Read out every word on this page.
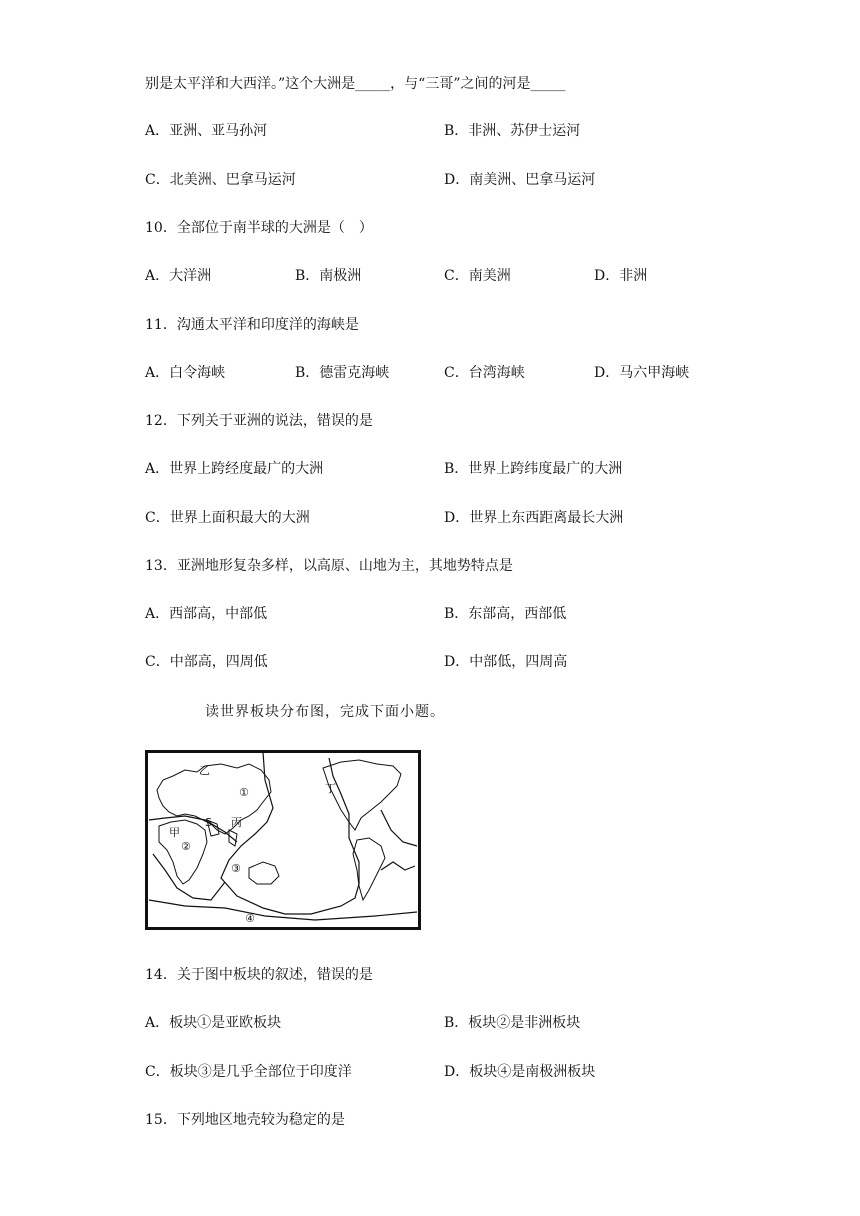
别是太平洋和大西洋。”这个大洲是_____，与“三哥”之间的河是_____
A．亚洲、亚马孙河	B．非洲、苏伊士运河
C．北美洲、巴拿马运河	D．南美洲、巴拿马运河
10．全部位于南半球的大洲是（　）
A．大洋洲	B．南极洲	C．南美洲	D．非洲
11．沟通太平洋和印度洋的海峡是
A．白令海峡	B．德雷克海峡	C．台湾海峡	D．马六甲海峡
12．下列关于亚洲的说法，错误的是
A．世界上跨经度最广的大洲	B．世界上跨纬度最广的大洲
C．世界上面积最大的大洲	D．世界上东西距离最长大洲
13．亚洲地形复杂多样，以高原、山地为主，其地势特点是
A．西部高，中部低	B．东部高，西部低
C．中部高，四周低	D．中部低，四周高
读世界板块分布图，完成下面小题。
乙
①
甲
②
S 丙
③
丁
④
14．关于图中板块的叙述，错误的是
A．板块①是亚欧板块	B．板块②是非洲板块
C．板块③是几乎全部位于印度洋	D．板块④是南极洲板块
15．下列地区地壳较为稳定的是
